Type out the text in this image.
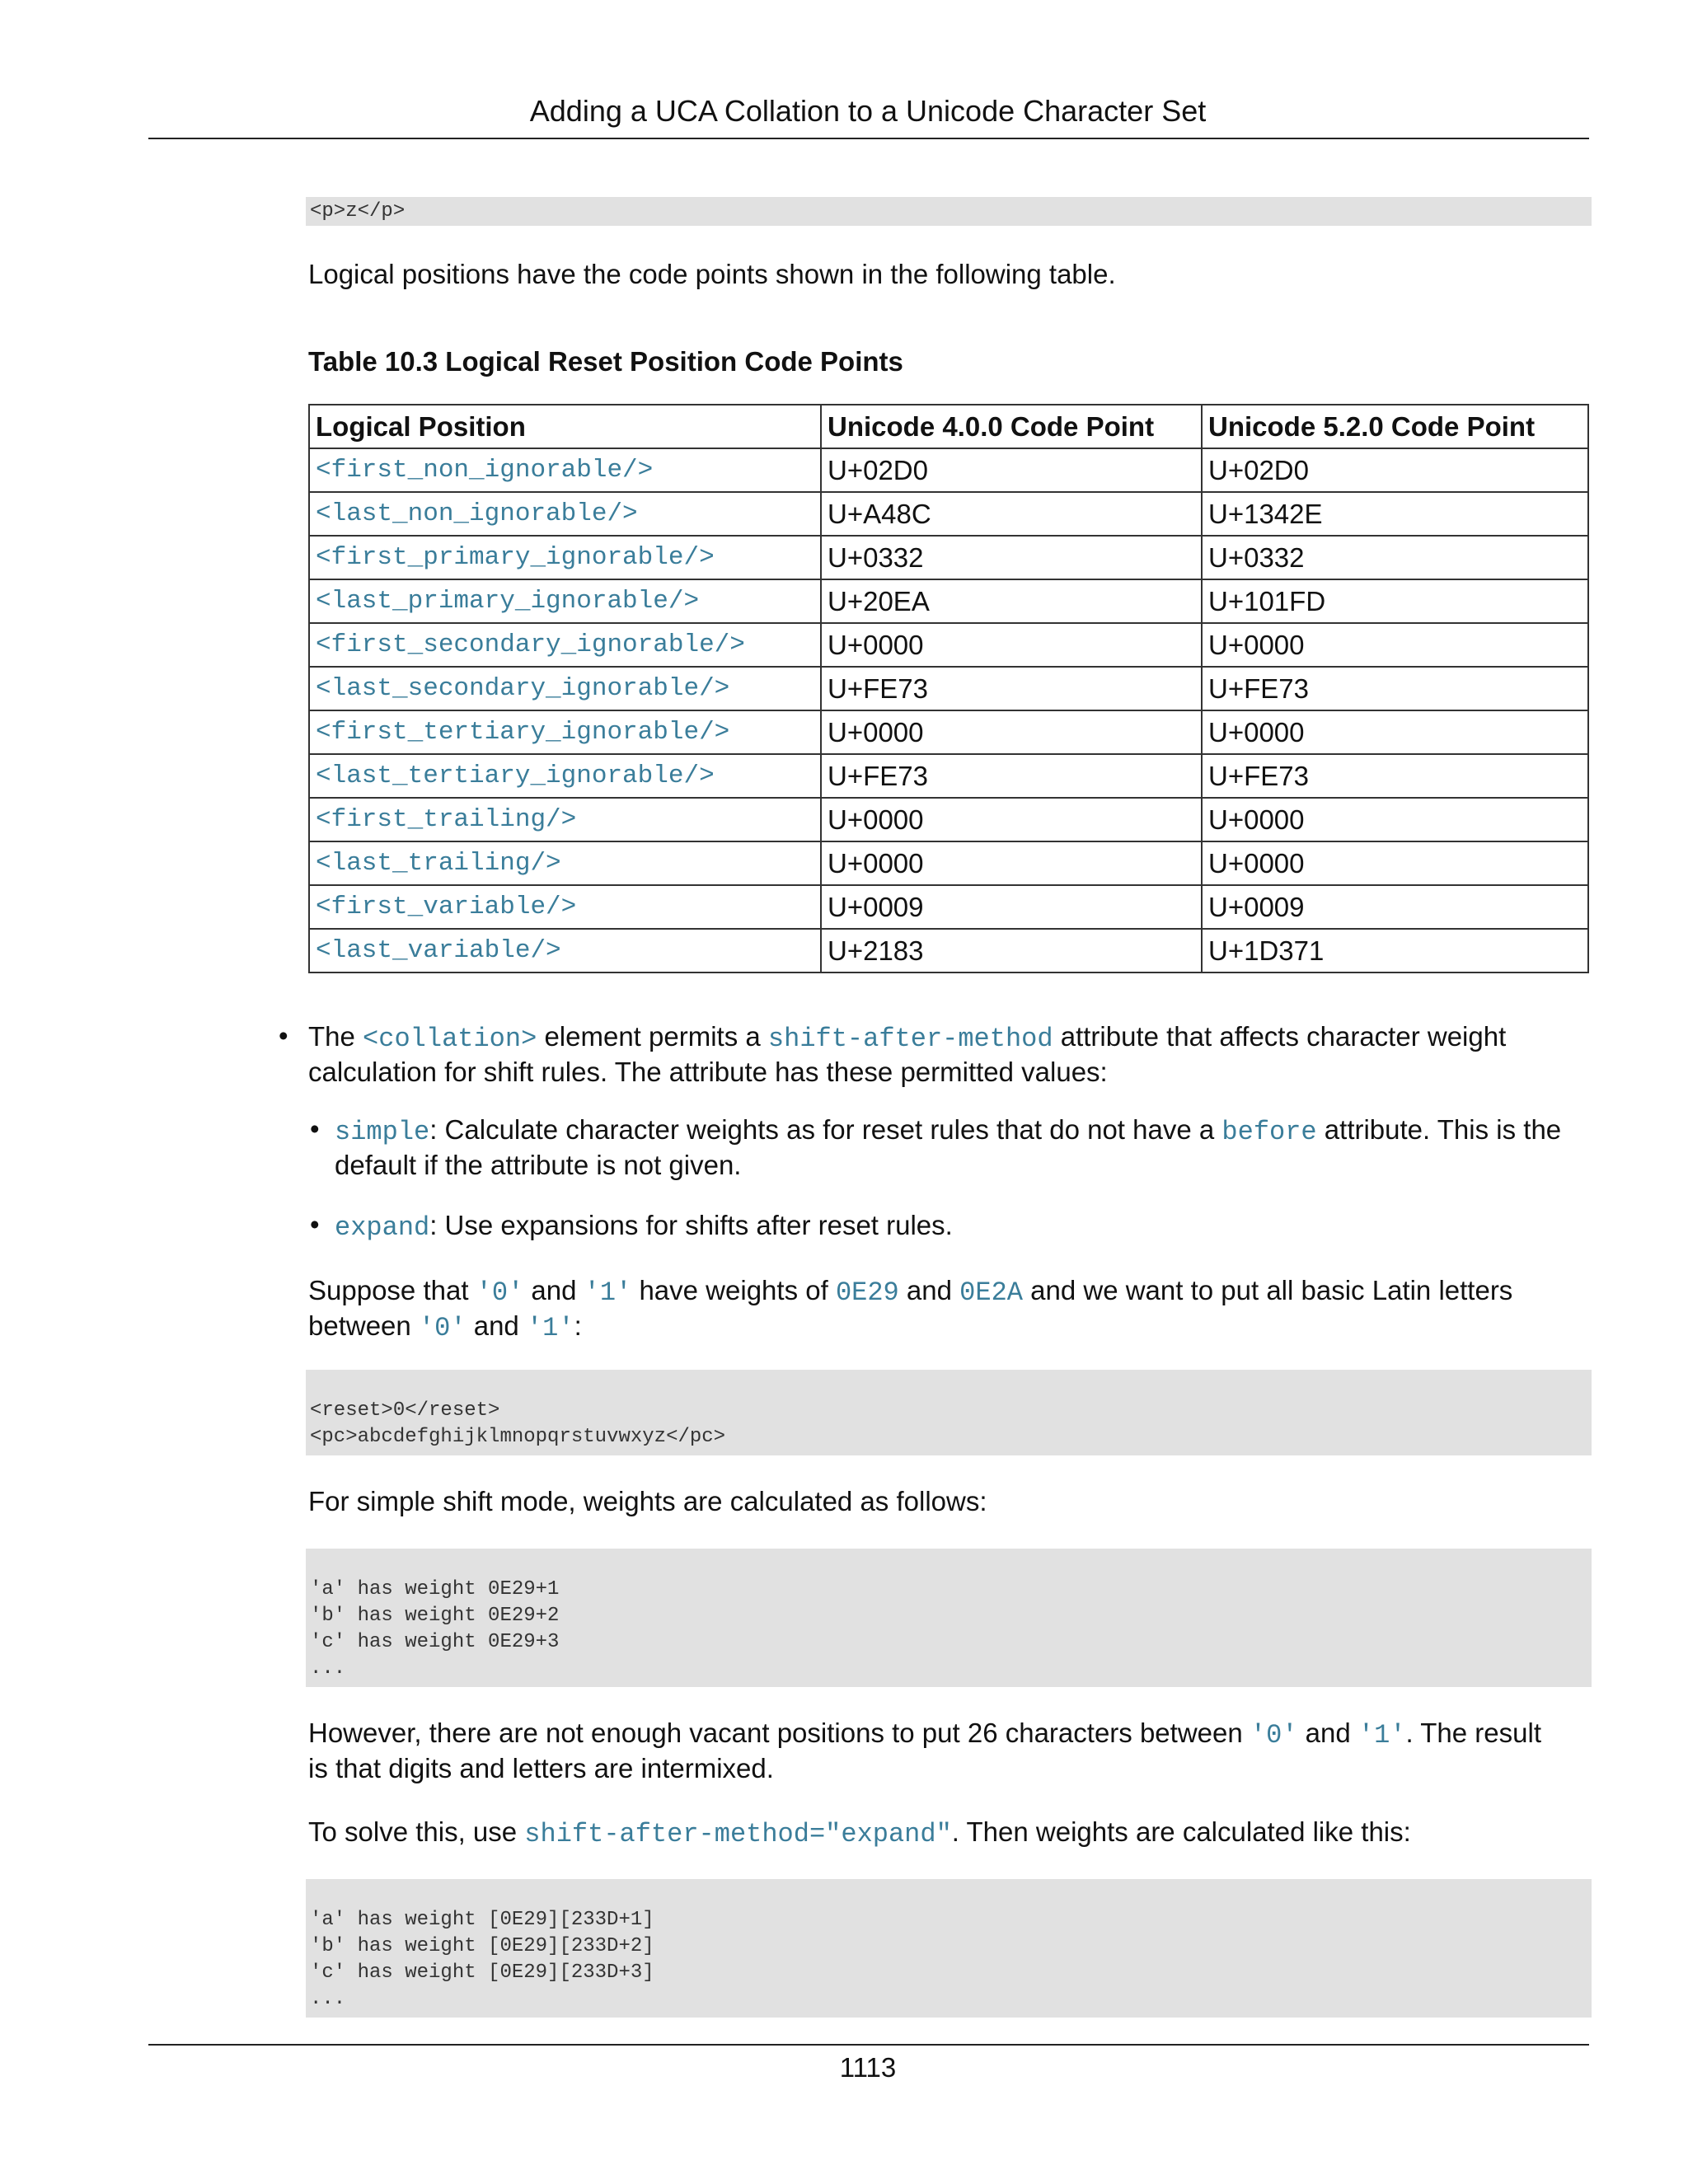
Adding a UCA Collation to a Unicode Character Set
<p>z</p>
Logical positions have the code points shown in the following table.
Table 10.3 Logical Reset Position Code Points
Logical Position	Unicode 4.0.0 Code Point	Unicode 5.2.0 Code Point
<first_non_ignorable/>	U+02D0	U+02D0
<last_non_ignorable/>	U+A48C	U+1342E
<first_primary_ignorable/>	U+0332	U+0332
<last_primary_ignorable/>	U+20EA	U+101FD
<first_secondary_ignorable/>	U+0000	U+0000
<last_secondary_ignorable/>	U+FE73	U+FE73
<first_tertiary_ignorable/>	U+0000	U+0000
<last_tertiary_ignorable/>	U+FE73	U+FE73
<first_trailing/>	U+0000	U+0000
<last_trailing/>	U+0000	U+0000
<first_variable/>	U+0009	U+0009
<last_variable/>	U+2183	U+1D371
• The <collation> element permits a shift-after-method attribute that affects character weight calculation for shift rules. The attribute has these permitted values:
• simple: Calculate character weights as for reset rules that do not have a before attribute. This is the default if the attribute is not given.
• expand: Use expansions for shifts after reset rules.
Suppose that '0' and '1' have weights of 0E29 and 0E2A and we want to put all basic Latin letters between '0' and '1':
<reset>0</reset>
<pc>abcdefghijklmnopqrstuvwxyz</pc>
For simple shift mode, weights are calculated as follows:
'a' has weight 0E29+1
'b' has weight 0E29+2
'c' has weight 0E29+3
...
However, there are not enough vacant positions to put 26 characters between '0' and '1'. The result is that digits and letters are intermixed.
To solve this, use shift-after-method="expand". Then weights are calculated like this:
'a' has weight [0E29][233D+1]
'b' has weight [0E29][233D+2]
'c' has weight [0E29][233D+3]
...
1113
